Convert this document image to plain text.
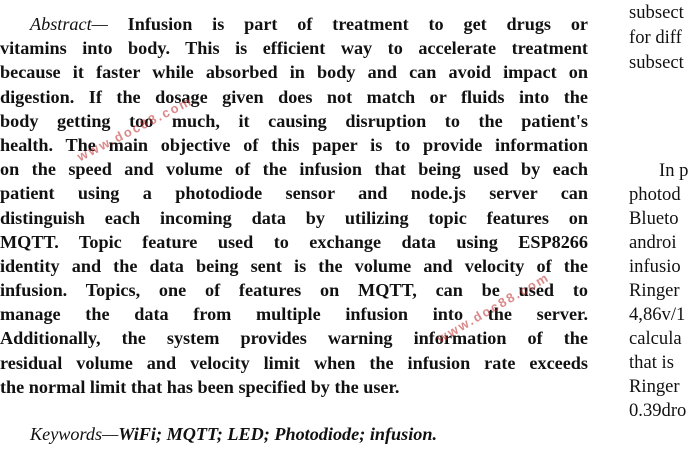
Abstract— Infusion is part of treatment to get drugs or
vitamins into body. This is efficient way to accelerate treatment
because it faster while absorbed in body and can avoid impact on
digestion. If the dosage given does not match or fluids into the
body getting too much, it causing disruption to the patient's
health. The main objective of this paper is to provide information
on the speed and volume of the infusion that being used by each
patient using a photodiode sensor and node.js server can
distinguish each incoming data by utilizing topic features on
MQTT. Topic feature used to exchange data using ESP8266
identity and the data being sent is the volume and velocity of the
infusion. Topics, one of features on MQTT, can be used to
manage the data from multiple infusion into the server.
Additionally, the system provides warning information of the
residual volume and velocity limit when the infusion rate exceeds
the normal limit that has been specified by the user.
Keywords—WiFi; MQTT; LED; Photodiode; infusion.
subsect
for diff
subsect
In p
photod
Blueto
androi
infusio
Ringer
4,86v/1
calcula
that is
Ringer
0.39dro
www.doc88.com
www.doc88.com
